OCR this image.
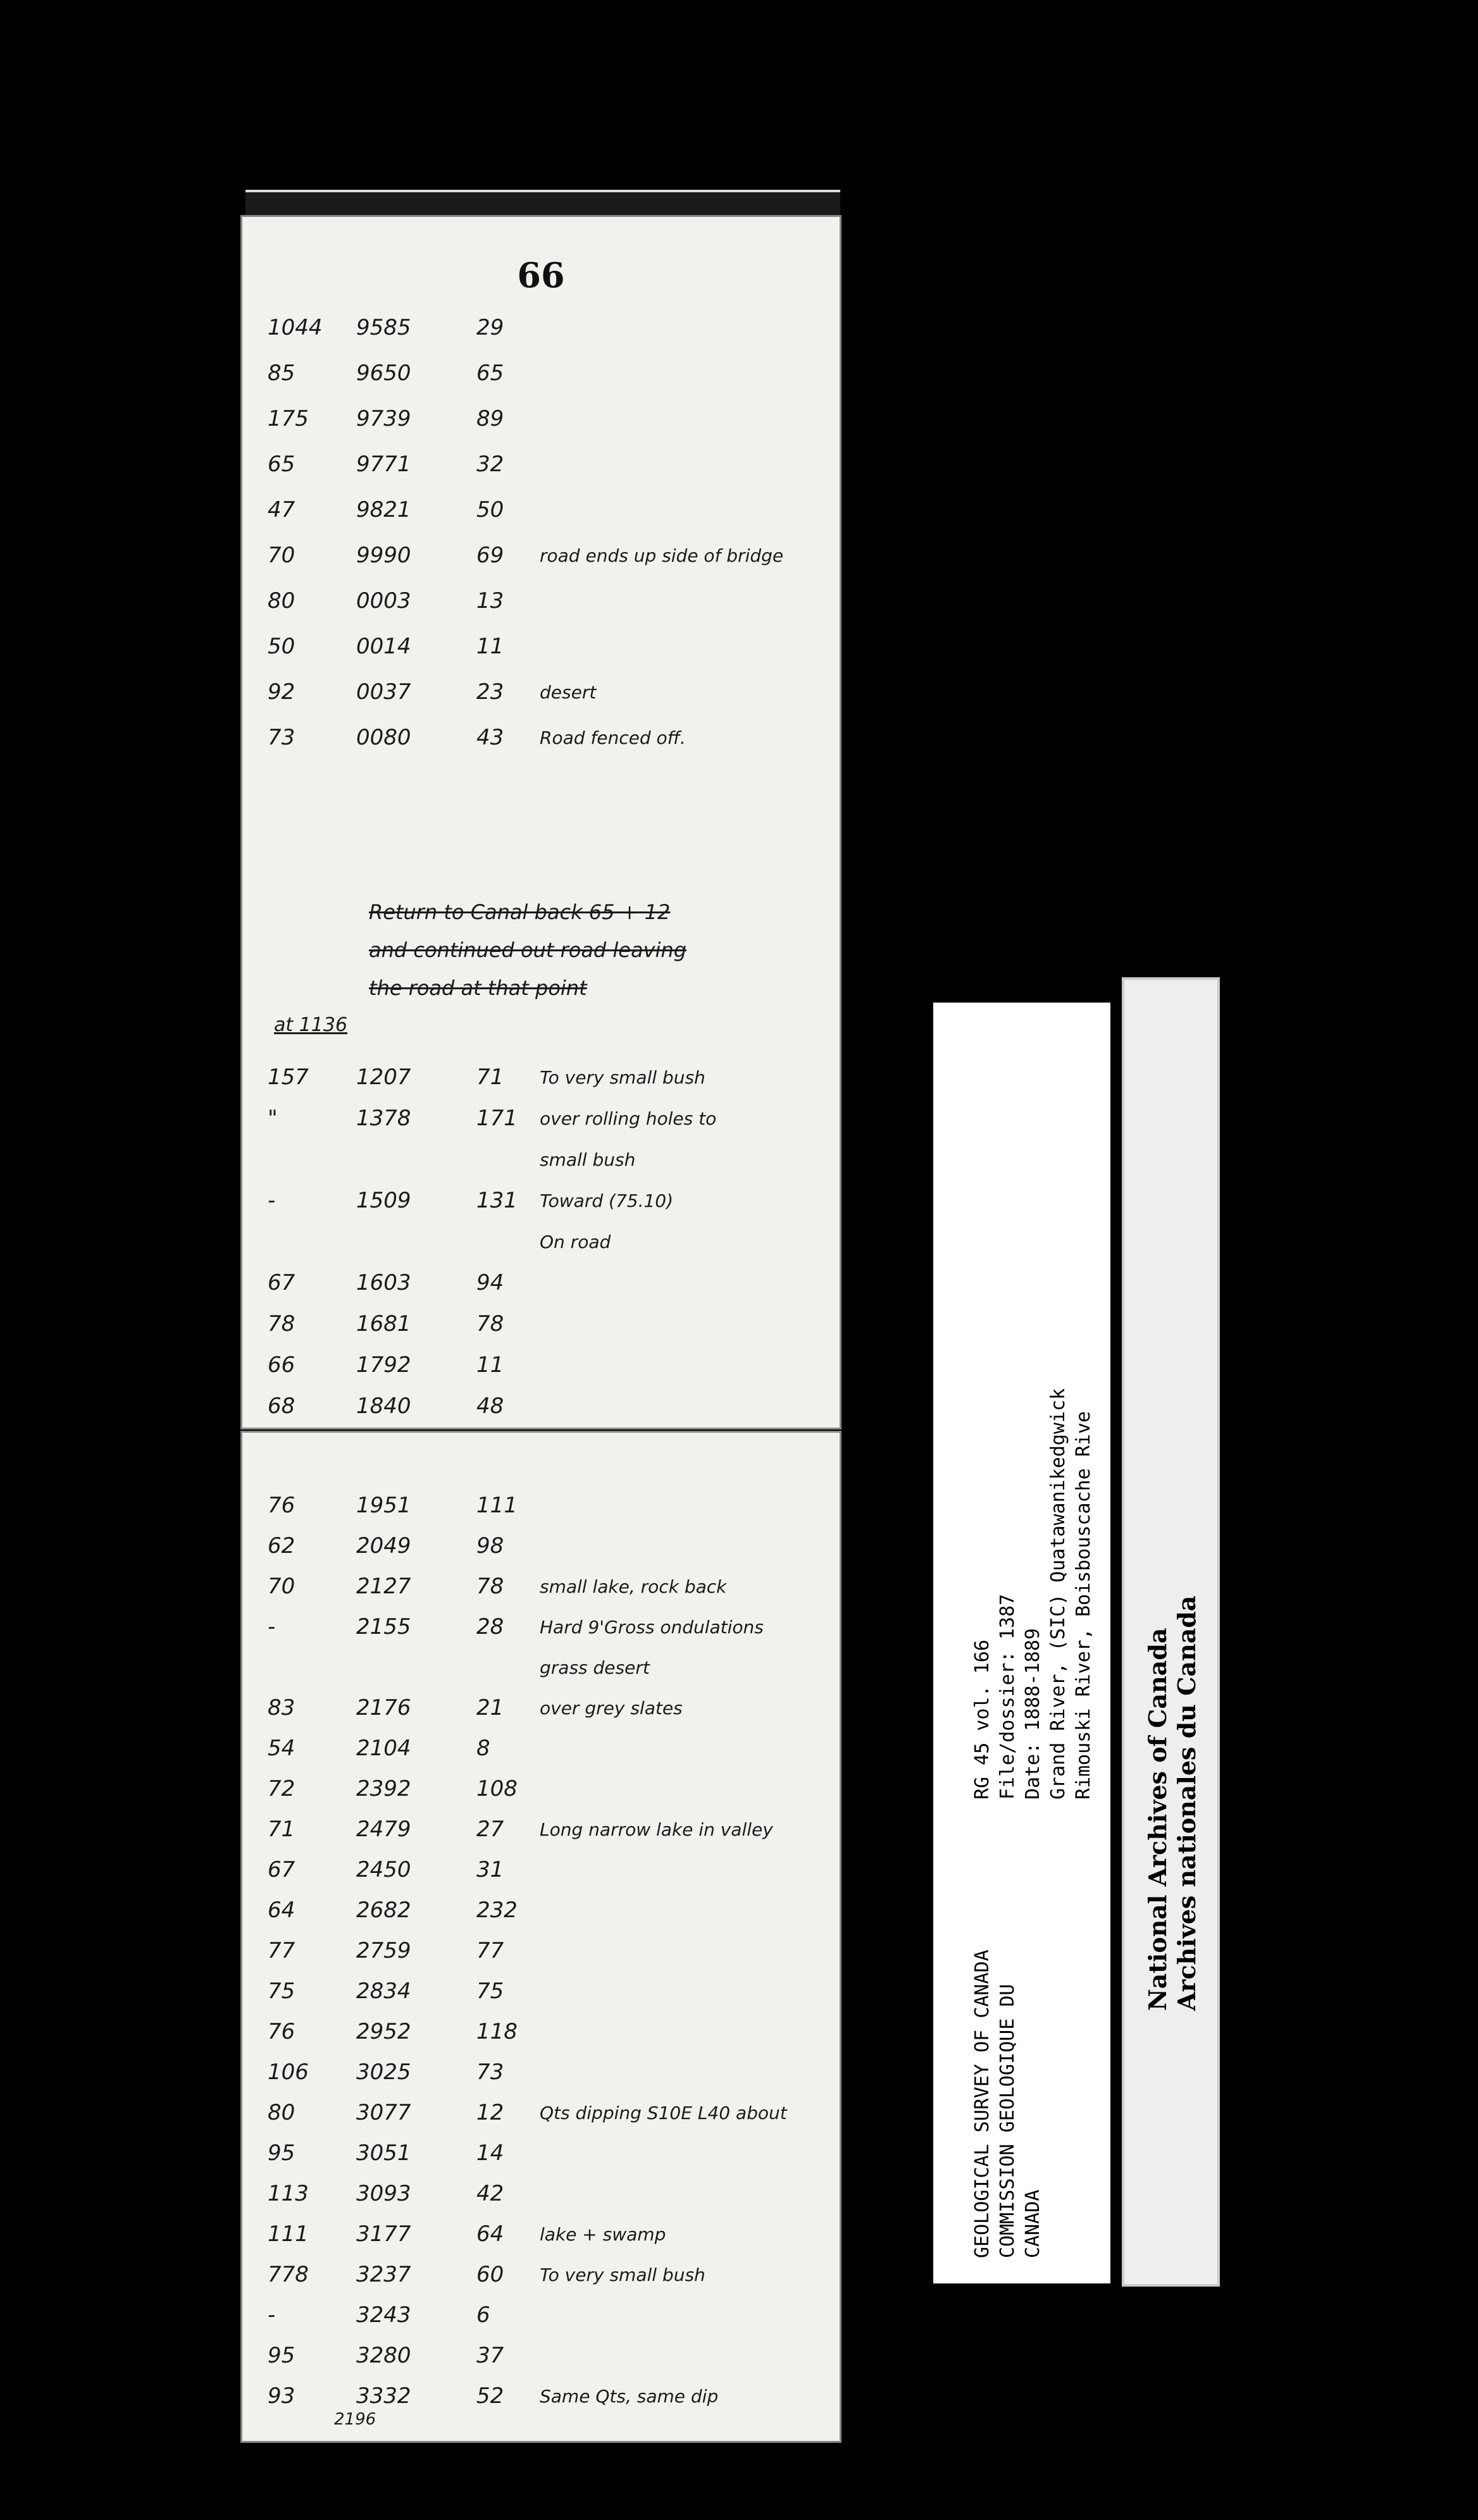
66
1044	9585	29
85	9650	65
175	9739	89
65	9771	32
47	9821	50
70	9990	69	road ends up side of bridge
80	0003	13
50	0014	11
92	0037	23	desert
73	0080	43	Road fenced off.
Return to Canal back 65 + 12
and continued out road leaving
the road at that point
at 1136
157	1207	71	To very small bush
"	1378	171	over rolling holes to
small bush
-	1509	131	Toward (75.10)
On road
67	1603	94
78	1681	78
66	1792	11
68	1840	48
76	1951	111
62	2049	98
70	2127	78	small lake, rock back
-	2155	28	Hard 9'Gross ondulations
grass desert
83	2176	21	over grey slates
54	2104	8
72	2392	108
71	2479	27	Long narrow lake in valley
67	2450	31
64	2682	232
77	2759	77
75	2834	75
76	2952	118
106	3025	73
80	3077	12	Qts dipping S10E L40 about
95	3051	14
113	3093	42
111	3177	64	lake + swamp
778	3237	60	To very small bush
-	3243	6
95	3280	37
93	3332	52	Same Qts, same dip
2196
GEOLOGICAL SURVEY OF CANADA COMMISSION GEOLOGIQUE DU CANADA
RG 45 vol. 166 File/dossier: 1387 Date: 1888-1889 Grand River, (SIC) Quatawanikedgwick Rimouski River, Boisbouscache Rive
National Archives of Canada Archives nationales du Canada
